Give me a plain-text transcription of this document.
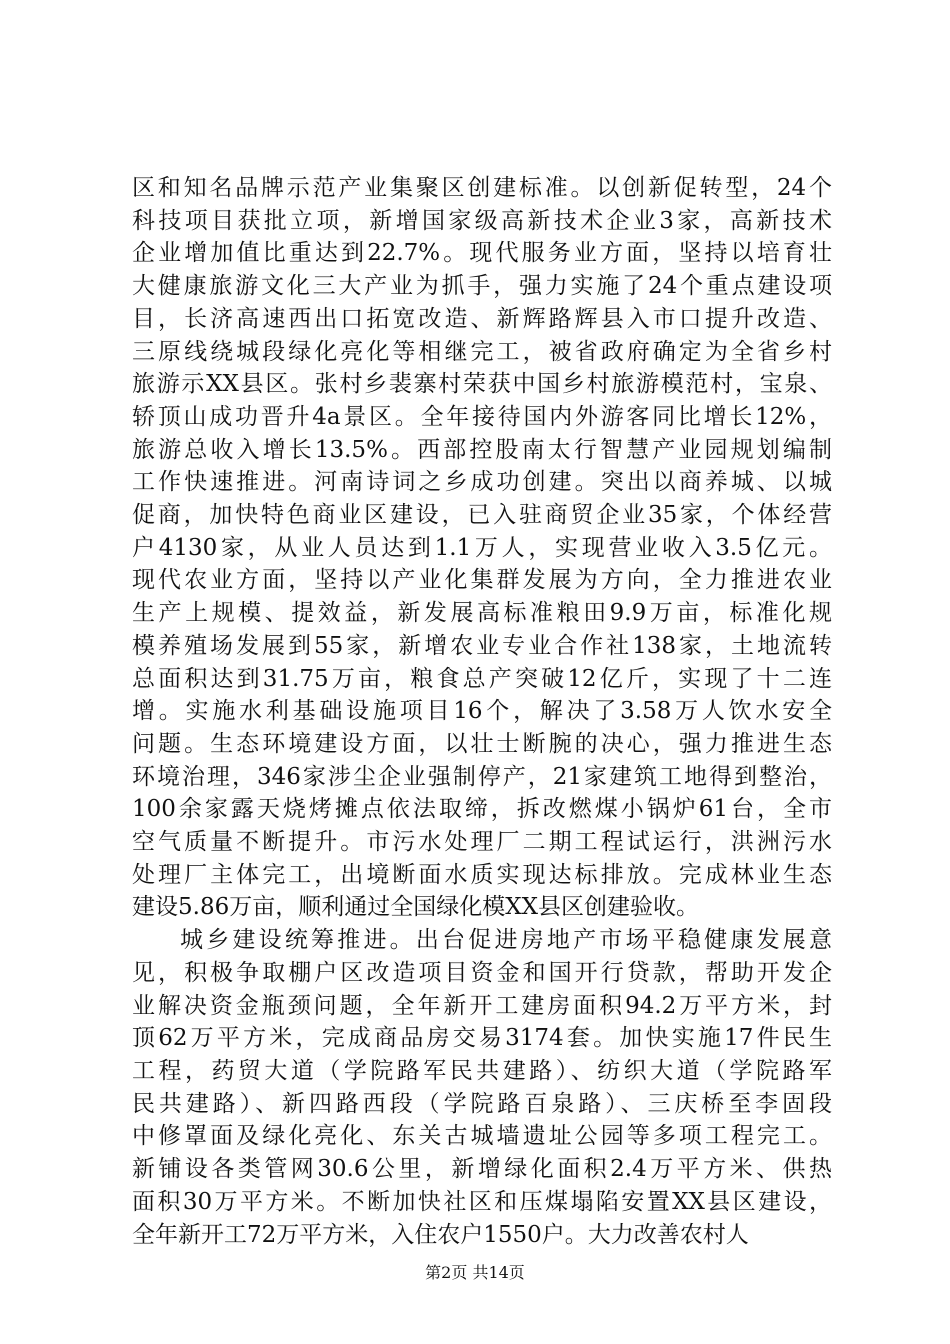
区和知名品牌示范产业集聚区创建标准。以创新促转型，24个
科技项目获批立项，新增国家级高新技术企业3家，高新技术
企业增加值比重达到22.7%。现代服务业方面，坚持以培育壮
大健康旅游文化三大产业为抓手，强力实施了24个重点建设项
目，长济高速西出口拓宽改造、新辉路辉县入市口提升改造、
三原线绕城段绿化亮化等相继完工，被省政府确定为全省乡村
旅游示XX县区。张村乡裴寨村荣获中国乡村旅游模范村，宝泉、
轿顶山成功晋升4a景区。全年接待国内外游客同比增长12%，
旅游总收入增长13.5%。西部控股南太行智慧产业园规划编制
工作快速推进。河南诗词之乡成功创建。突出以商养城、以城
促商，加快特色商业区建设，已入驻商贸企业35家，个体经营
户4130家，从业人员达到1.1万人，实现营业收入3.5亿元。
现代农业方面，坚持以产业化集群发展为方向，全力推进农业
生产上规模、提效益，新发展高标准粮田9.9万亩，标准化规
模养殖场发展到55家，新增农业专业合作社138家，土地流转
总面积达到31.75万亩，粮食总产突破12亿斤，实现了十二连
增。实施水利基础设施项目16个，解决了3.58万人饮水安全
问题。生态环境建设方面，以壮士断腕的决心，强力推进生态
环境治理，346家涉尘企业强制停产，21家建筑工地得到整治，
100余家露天烧烤摊点依法取缔，拆改燃煤小锅炉61台，全市
空气质量不断提升。市污水处理厂二期工程试运行，洪洲污水
处理厂主体完工，出境断面水质实现达标排放。完成林业生态
建设5.86万亩，顺利通过全国绿化模XX县区创建验收。
城乡建设统筹推进。出台促进房地产市场平稳健康发展意
见，积极争取棚户区改造项目资金和国开行贷款，帮助开发企
业解决资金瓶颈问题，全年新开工建房面积94.2万平方米，封
顶62万平方米，完成商品房交易3174套。加快实施17件民生
工程，药贸大道（学院路军民共建路）、纺织大道（学院路军
民共建路）、新四路西段（学院路百泉路）、三庆桥至李固段
中修罩面及绿化亮化、东关古城墙遗址公园等多项工程完工。
新铺设各类管网30.6公里，新增绿化面积2.4万平方米、供热
面积30万平方米。不断加快社区和压煤塌陷安置XX县区建设，
全年新开工72万平方米，入住农户1550户。大力改善农村人
第2页 共14页
